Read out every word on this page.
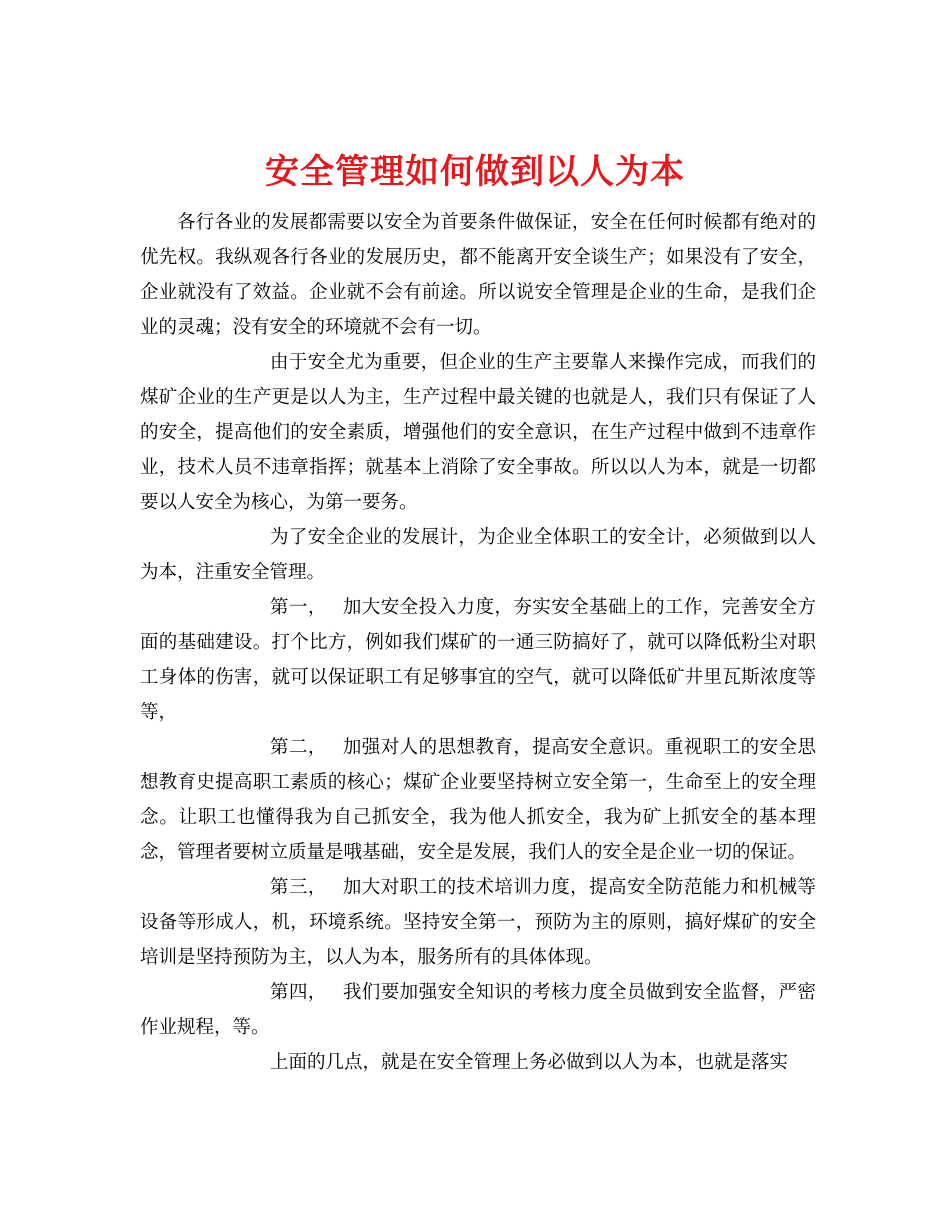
安全管理如何做到以人为本

各行各业的发展都需要以安全为首要条件做保证，安全在任何时候都有绝对的优先权。我纵观各行各业的发展历史，都不能离开安全谈生产；如果没有了安全，企业就没有了效益。企业就不会有前途。所以说安全管理是企业的生命，是我们企业的灵魂；没有安全的环境就不会有一切。

由于安全尤为重要，但企业的生产主要靠人来操作完成，而我们的煤矿企业的生产更是以人为主，生产过程中最关键的也就是人，我们只有保证了人的安全，提高他们的安全素质，增强他们的安全意识，在生产过程中做到不违章作业，技术人员不违章指挥；就基本上消除了安全事故。所以以人为本，就是一切都要以人安全为核心，为第一要务。

为了安全企业的发展计，为企业全体职工的安全计，必须做到以人为本，注重安全管理。

第一，　 加大安全投入力度，夯实安全基础上的工作，完善安全方面的基础建设。打个比方，例如我们煤矿的一通三防搞好了，就可以降低粉尘对职工身体的伤害，就可以保证职工有足够事宜的空气，就可以降低矿井里瓦斯浓度等等，

第二，　 加强对人的思想教育，提高安全意识。重视职工的安全思想教育史提高职工素质的核心；煤矿企业要坚持树立安全第一，生命至上的安全理念。让职工也懂得我为自己抓安全，我为他人抓安全，我为矿上抓安全的基本理念，管理者要树立质量是哦基础，安全是发展，我们人的安全是企业一切的保证。

第三，　 加大对职工的技术培训力度，提高安全防范能力和机械等设备等形成人，机，环境系统。坚持安全第一，预防为主的原则，搞好煤矿的安全培训是坚持预防为主，以人为本，服务所有的具体体现。

第四，　 我们要加强安全知识的考核力度全员做到安全监督，严密作业规程，等。

上面的几点，就是在安全管理上务必做到以人为本，也就是落实
